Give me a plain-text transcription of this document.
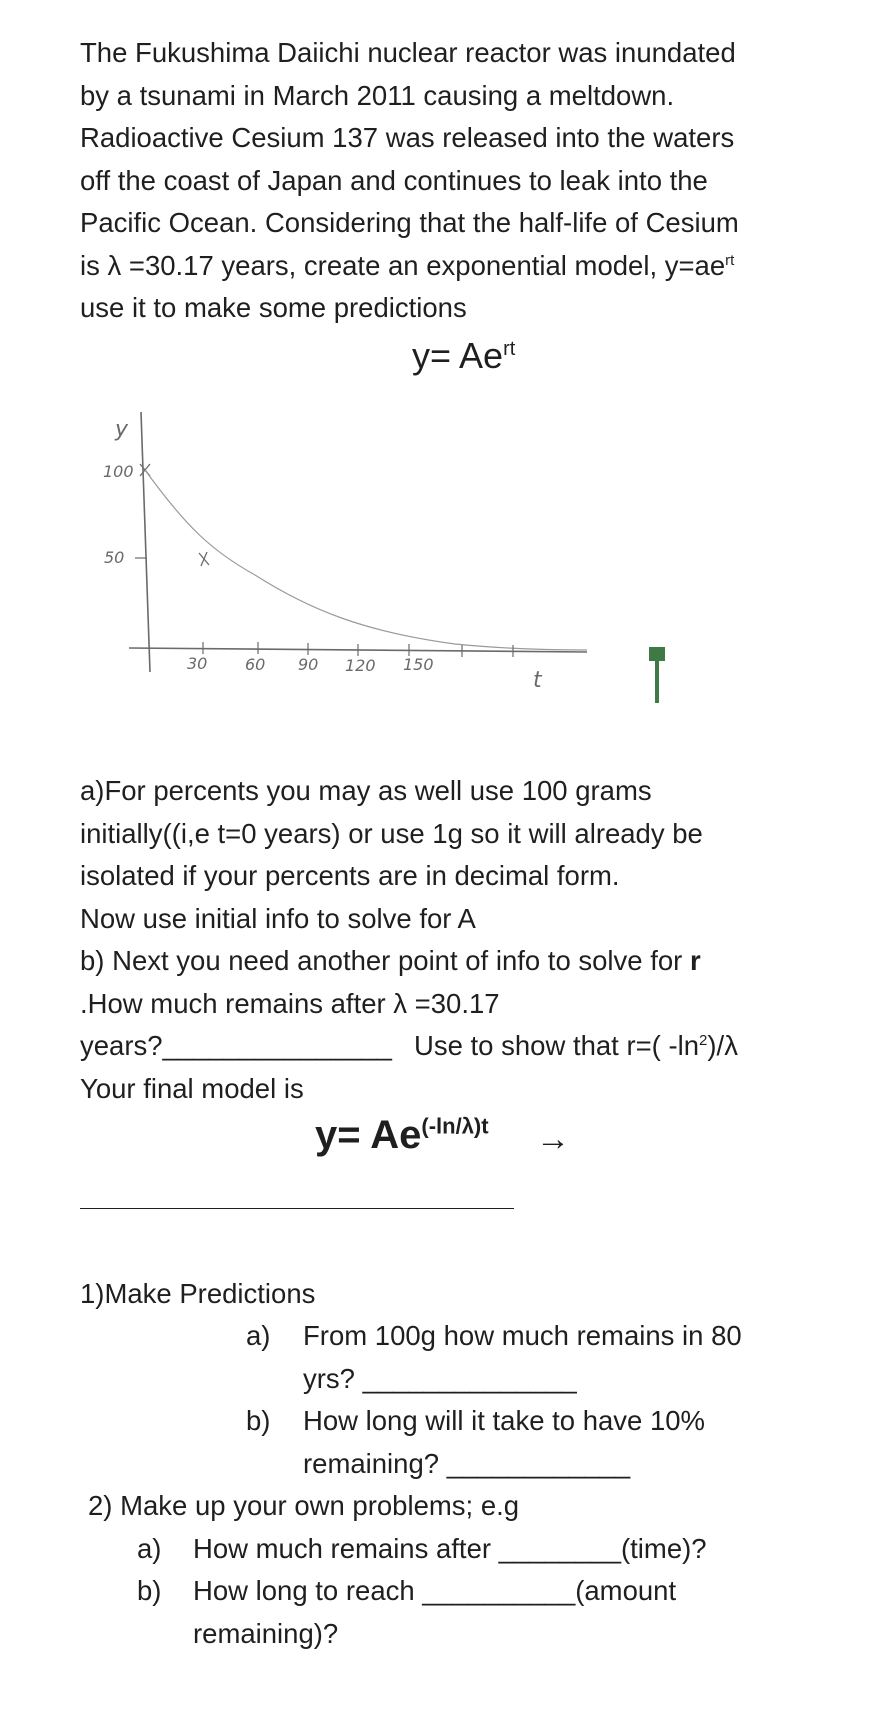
The Fukushima Daiichi nuclear reactor was inundated
by a tsunami in March 2011 causing a meltdown.
Radioactive Cesium 137 was released into the waters
off the coast of Japan and continues to leak into the
Pacific Ocean. Considering that the half-life of Cesium
is λ =30.17 years, create an exponential model, $y=ae^{rt}$
use it to make some predictions

$y= Ae^{rt}$
y
100
50
30 60 90 120 150
t

a)For percents you may as well use 100 grams
initially((i,e t=0 years) or use 1g so it will already be
isolated if your percents are in decimal form.
Now use initial info to solve for A

b) Next you need another point of info to solve for r
.How much remains after λ =30.17
years?_______________ Use to show that r=( $-\ln^2)/\lambda$
Your final model is
$y= Ae^{(-ln/\lambda)t}$ →
1)Make Predictions
a) From 100g how much remains in 80
yrs? ______________
b) How long will it take to have 10%
remaining? ____________
2) Make up your own problems; e.g
a) How much remains after ________(time)?
b) How long to reach __________(amount
remaining)?
